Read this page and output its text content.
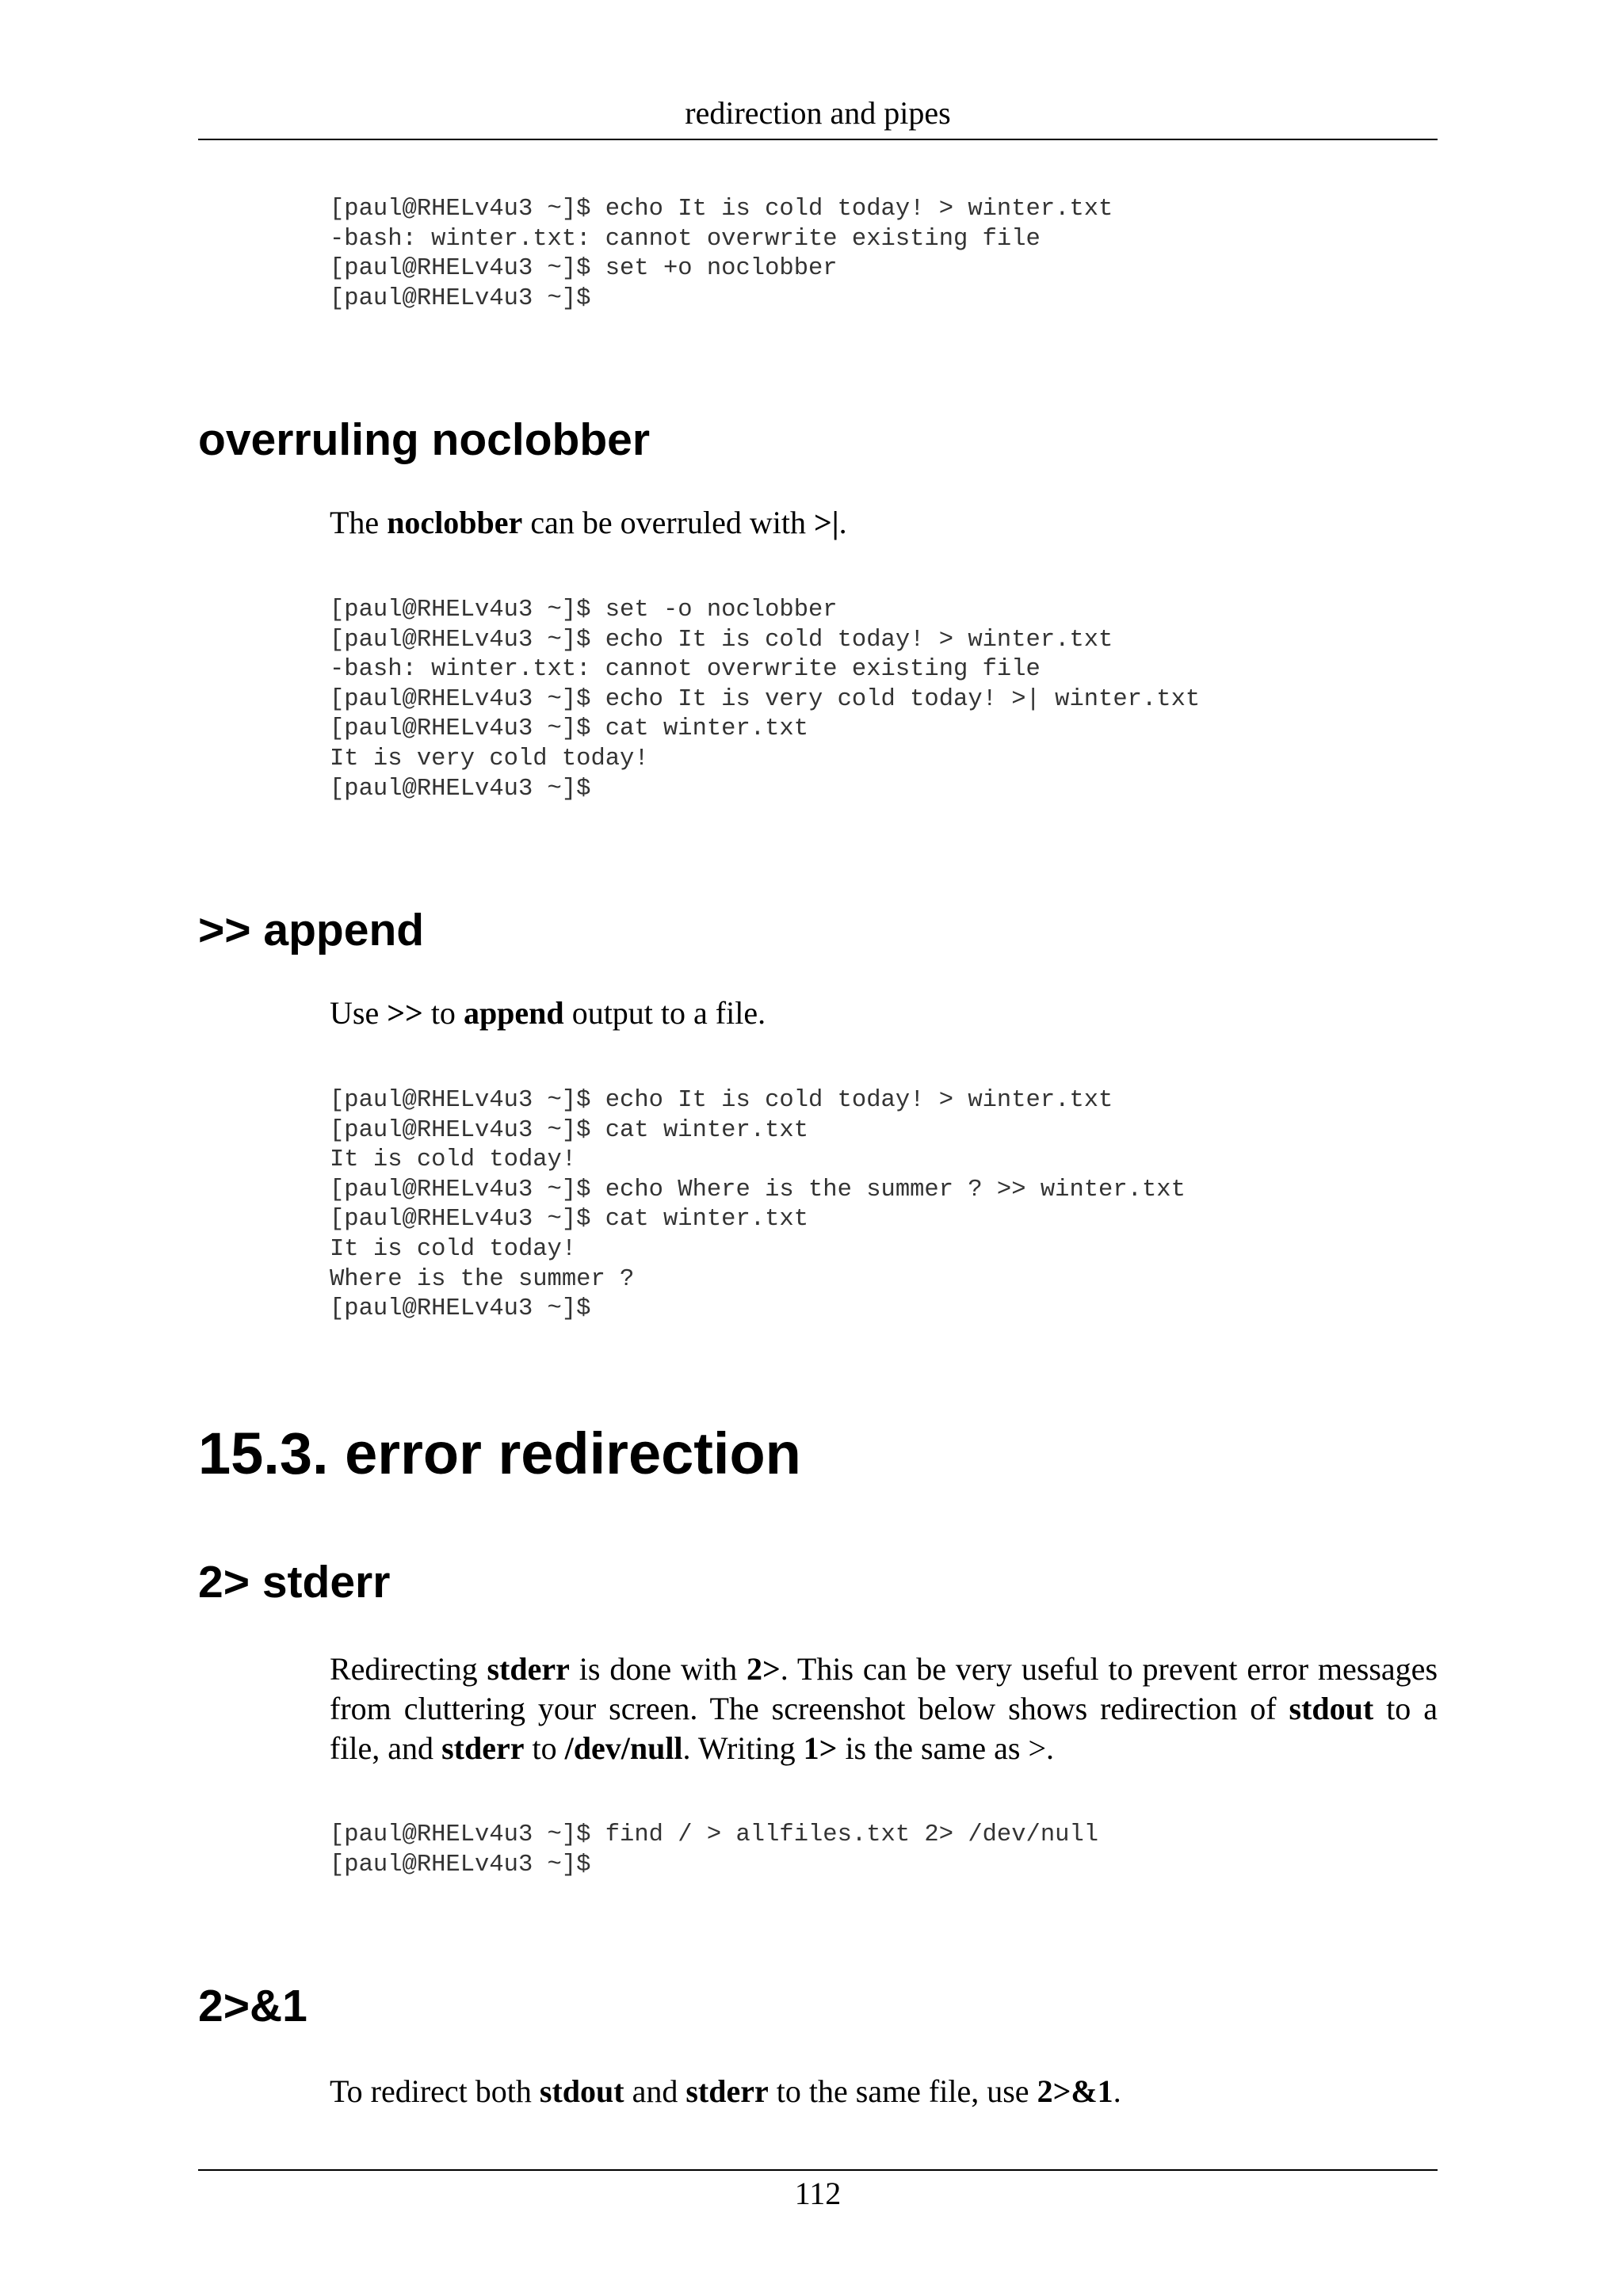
redirection and pipes
[paul@RHELv4u3 ~]$ echo It is cold today! > winter.txt
-bash: winter.txt: cannot overwrite existing file
[paul@RHELv4u3 ~]$ set +o noclobber
[paul@RHELv4u3 ~]$
overruling noclobber

The noclobber can be overruled with >|.

[paul@RHELv4u3 ~]$ set -o noclobber
[paul@RHELv4u3 ~]$ echo It is cold today! > winter.txt
-bash: winter.txt: cannot overwrite existing file
[paul@RHELv4u3 ~]$ echo It is very cold today! >| winter.txt
[paul@RHELv4u3 ~]$ cat winter.txt
It is very cold today!
[paul@RHELv4u3 ~]$
>> append

Use >> to append output to a file.

[paul@RHELv4u3 ~]$ echo It is cold today! > winter.txt
[paul@RHELv4u3 ~]$ cat winter.txt
It is cold today!
[paul@RHELv4u3 ~]$ echo Where is the summer ? >> winter.txt
[paul@RHELv4u3 ~]$ cat winter.txt
It is cold today!
Where is the summer ?
[paul@RHELv4u3 ~]$
15.3. error redirection
2> stderr

Redirecting stderr is done with 2>. This can be very useful to prevent error messages from cluttering your screen. The screenshot below shows redirection of stdout to a file, and stderr to /dev/null. Writing 1> is the same as >.

[paul@RHELv4u3 ~]$ find / > allfiles.txt 2> /dev/null
[paul@RHELv4u3 ~]$
2>&1

To redirect both stdout and stderr to the same file, use 2>&1.

112
